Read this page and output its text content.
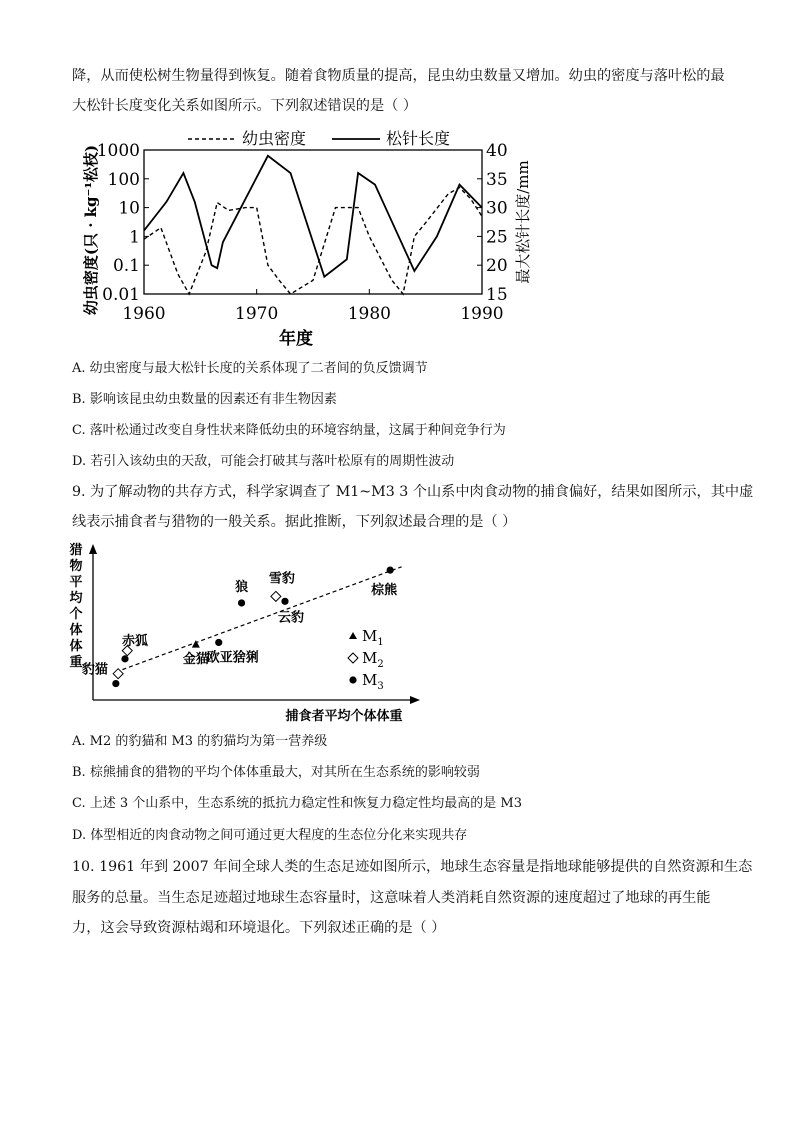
降，从而使松树生物量得到恢复。随着食物质量的提高，昆虫幼虫数量又增加。幼虫的密度与落叶松的最
大松针长度变化关系如图所示。下列叙述错误的是（ ）
1000
100
10
1
0.1
0.01
40
35
30
25
20
15
1960	1970	1980	1990
年度
幼虫密度(只 · kg⁻¹松枝)	最大松针长度/mm
幼虫密度	松针长度
A. 幼虫密度与最大松针长度的关系体现了二者间的负反馈调节
B. 影响该昆虫幼虫数量的因素还有非生物因素
C. 落叶松通过改变自身性状来降低幼虫的环境容纳量，这属于种间竞争行为
D. 若引入该幼虫的天敌，可能会打破其与落叶松原有的周期性波动
9. 为了解动物的共存方式，科学家调查了 M1~M3 3 个山系中肉食动物的捕食偏好，结果如图所示，其中虚
线表示捕食者与猎物的一般关系。据此推断，下列叙述最合理的是（ ）
猎物平均个体体重
捕食者平均个体体重
豹猫
赤狐
金猫
欧亚猞猁
狼
雪豹
云豹
棕熊
$M_1$
$M_2$
$M_3$
A. M2 的豹猫和 M3 的豹猫均为第一营养级
B. 棕熊捕食的猎物的平均个体体重最大，对其所在生态系统的影响较弱
C. 上述 3 个山系中，生态系统的抵抗力稳定性和恢复力稳定性均最高的是 M3
D. 体型相近的肉食动物之间可通过更大程度的生态位分化来实现共存
10. 1961 年到 2007 年间全球人类的生态足迹如图所示，地球生态容量是指地球能够提供的自然资源和生态
服务的总量。当生态足迹超过地球生态容量时，这意味着人类消耗自然资源的速度超过了地球的再生能
力，这会导致资源枯竭和环境退化。下列叙述正确的是（ ）
